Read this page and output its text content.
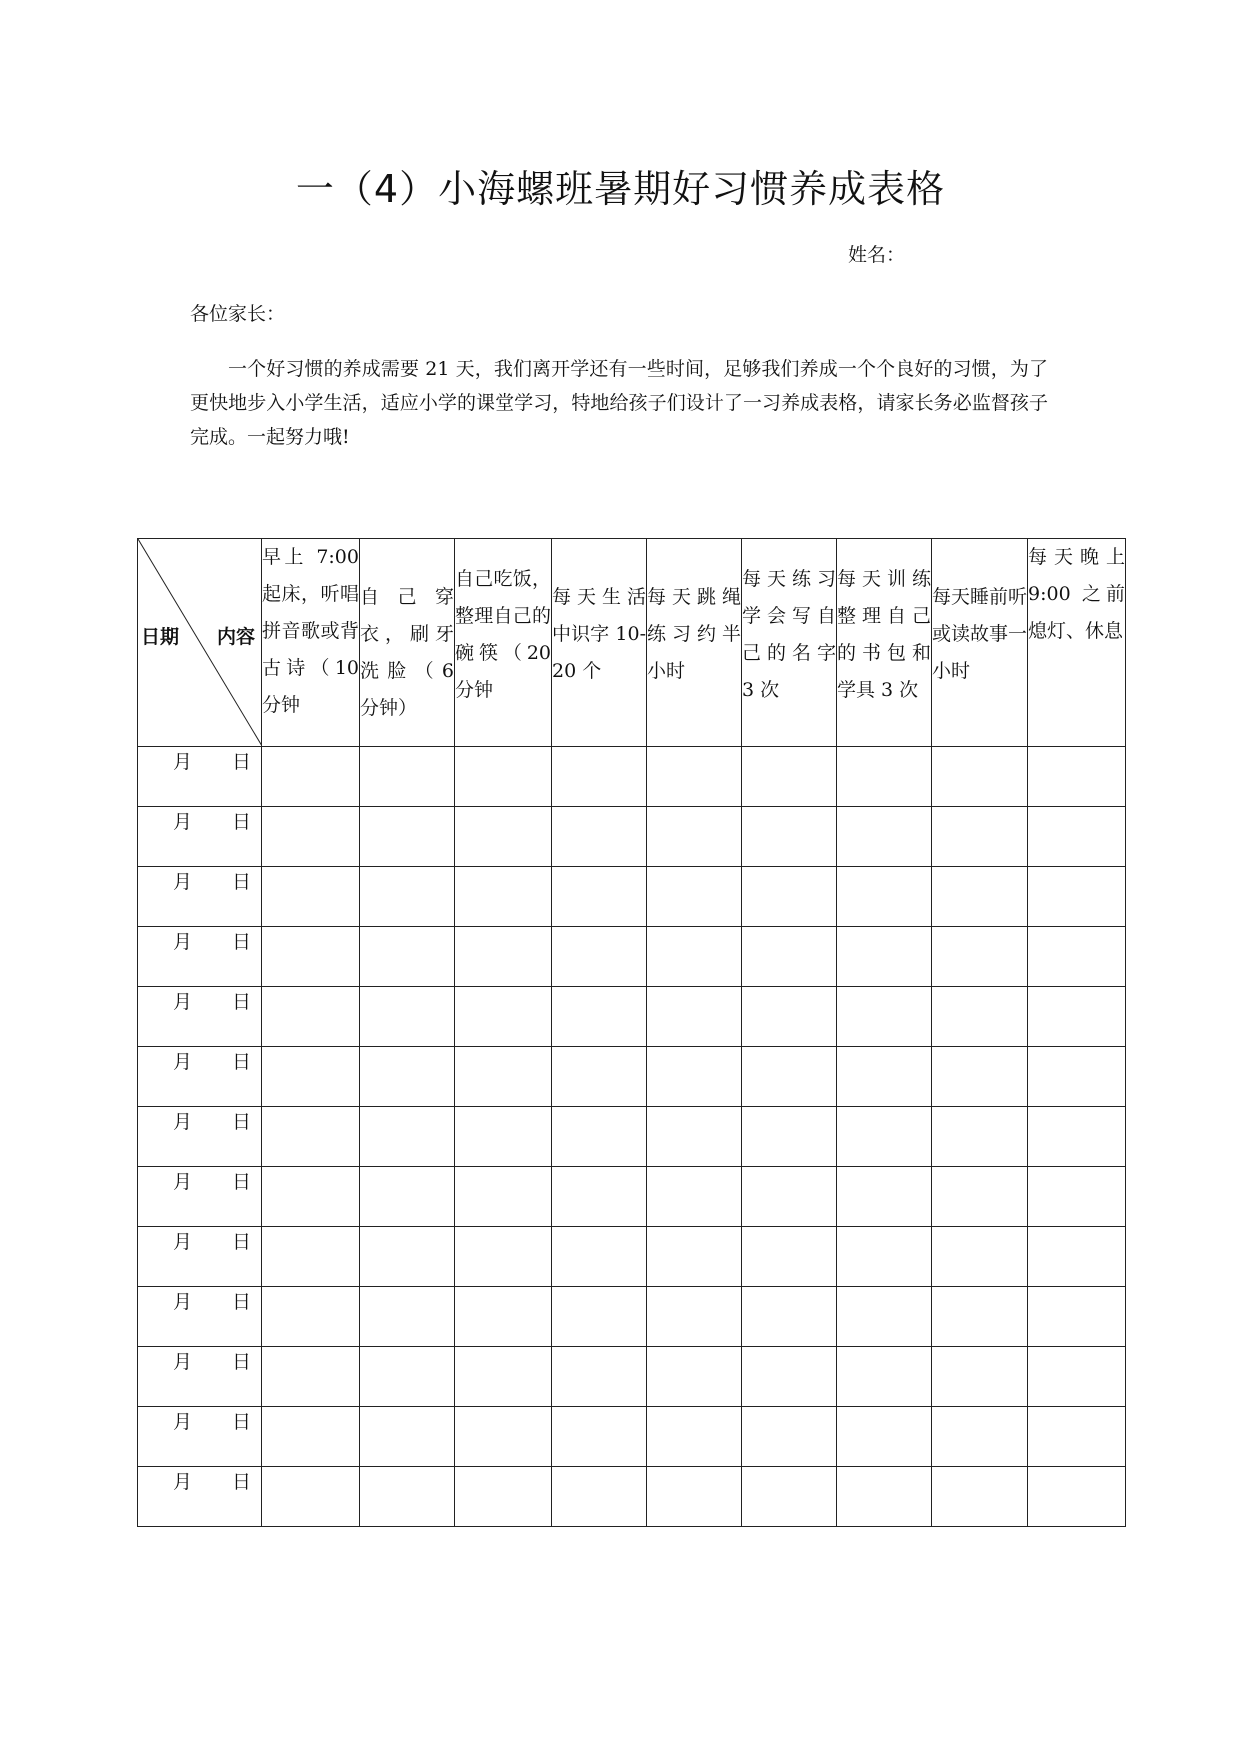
一（4）小海螺班暑期好习惯养成表格
姓名：
各位家长：
一个好习惯的养成需要 21 天，我们离开学还有一些时间，足够我们养成一个个良好的习惯，为了更快地步入小学生活，适应小学的课堂学习，特地给孩子们设计了一习养成表格，请家长务必监督孩子完成。一起努力哦!
日期 内容	早上 7:00 起床，听唱拼音歌或背古诗（10 分钟	自己穿衣，刷牙洗脸（6 分钟）	自己吃饭，整理自己的碗筷（20 分钟	每天生活中识字 10-20 个	每天跳绳练习约半小时	每天练习学会写自己的名字 3 次	每天训练整理自己的书包和学具 3 次	每天睡前听或读故事一小时	每天晚上 9:00 之前熄灯、休息
月 日									
月 日									
月 日									
月 日									
月 日									
月 日									
月 日									
月 日									
月 日									
月 日									
月 日									
月 日									
月 日									
